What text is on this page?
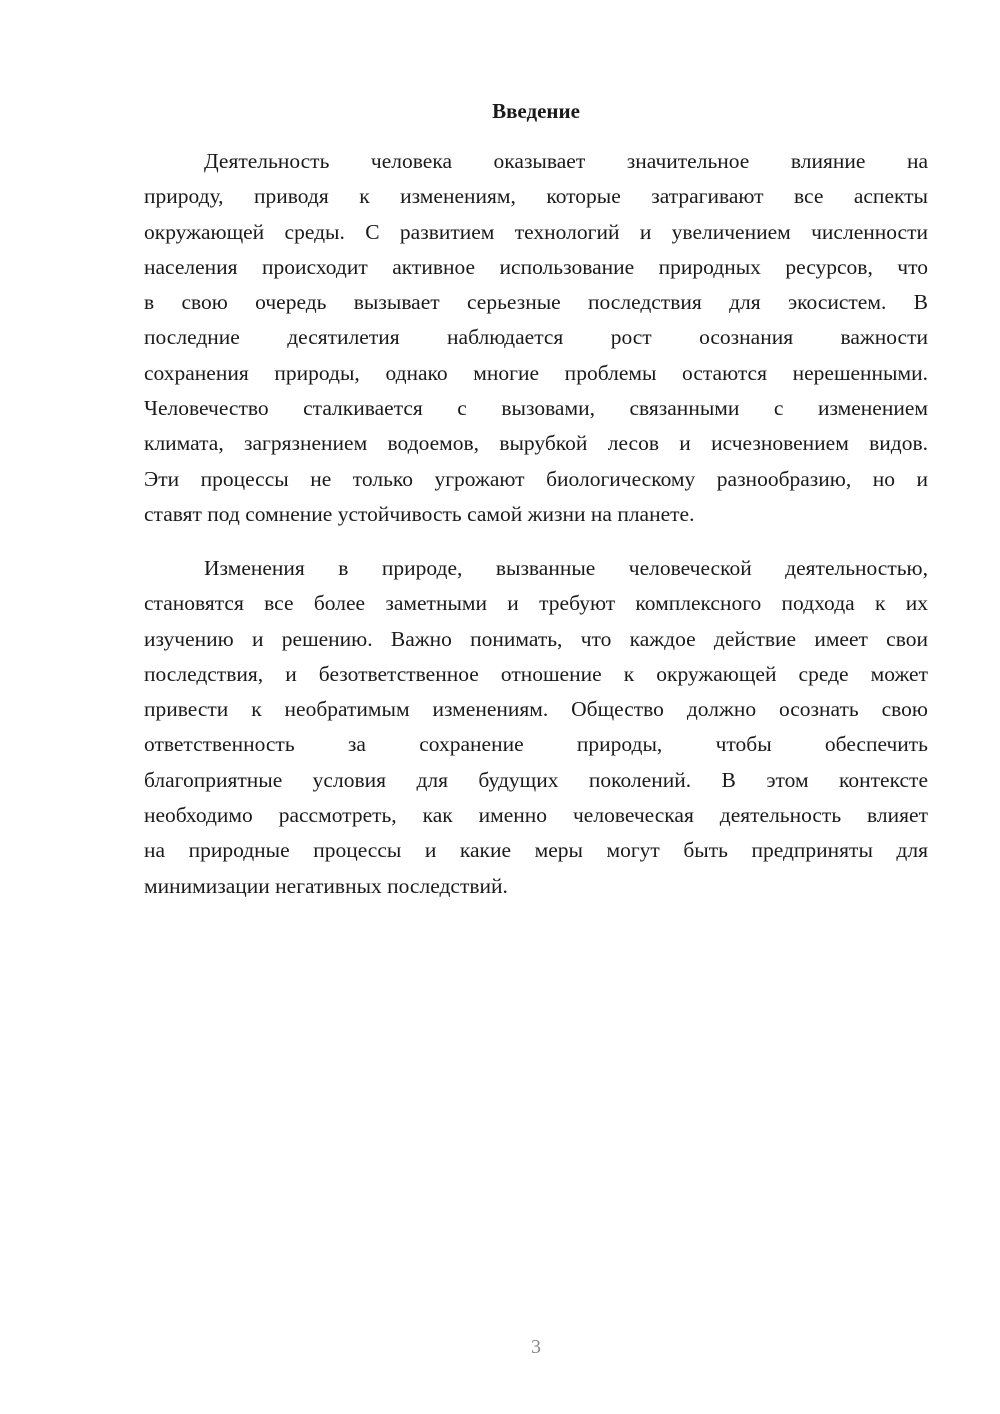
Введение
Деятельность человека оказывает значительное влияние на
природу, приводя к изменениям, которые затрагивают все аспекты
окружающей среды. С развитием технологий и увеличением численности
населения происходит активное использование природных ресурсов, что
в свою очередь вызывает серьезные последствия для экосистем. В
последние десятилетия наблюдается рост осознания важности
сохранения природы, однако многие проблемы остаются нерешенными.
Человечество сталкивается с вызовами, связанными с изменением
климата, загрязнением водоемов, вырубкой лесов и исчезновением видов.
Эти процессы не только угрожают биологическому разнообразию, но и
ставят под сомнение устойчивость самой жизни на планете.
Изменения в природе, вызванные человеческой деятельностью,
становятся все более заметными и требуют комплексного подхода к их
изучению и решению. Важно понимать, что каждое действие имеет свои
последствия, и безответственное отношение к окружающей среде может
привести к необратимым изменениям. Общество должно осознать свою
ответственность за сохранение природы, чтобы обеспечить
благоприятные условия для будущих поколений. В этом контексте
необходимо рассмотреть, как именно человеческая деятельность влияет
на природные процессы и какие меры могут быть предприняты для
минимизации негативных последствий.
3
